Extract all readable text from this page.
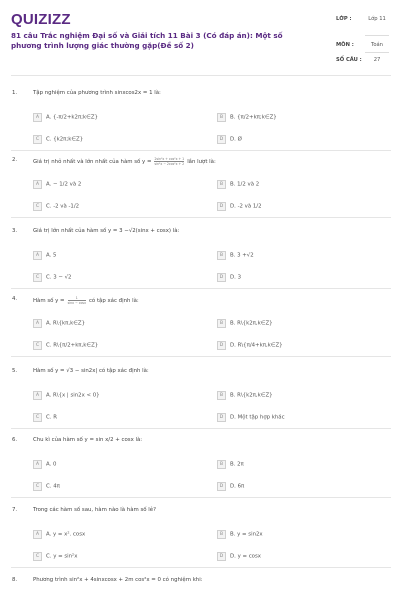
QUIZIZZ
81 câu Trắc nghiệm Đại số và Giải tích 11 Bài 3 (Có đáp án): Một số phương trình lượng giác thường gặp(Đề số 2)
LỚP :	Lớp 11
MÔN :	Toán
SỐ CÂU :	27
1.	Tập nghiệm của phương trình sinxcos2x = 1 là:
A A. {-π/2+k2π;k∈Z}	B B. {π/2+kπ;k∈Z}
C C. {k2π;k∈Z}	D D. Ø
2.	Giá trị nhỏ nhất và lớn nhất của hàm số $y = \frac{\text{2sin²x + cos²x + 1}}{\text{sin²x − 2cos²x + 2}}$ lần lượt là:
A A. − 1/2 và 2	B B. 1/2 và 2
C C. -2 và -1/2	D D. -2 và 1/2
3.	Giá trị lớn nhất của hàm số y = 3 −√2(sinx + cosx) là:
A A. 5	B B. 3 +√2
C C. 3 − √2	D D. 3
4.	Hàm số $y = \frac{1}{\sin x - \cos x}$ có tập xác định là:
A A. R\{kπ,k∈Z}	B B. R\{k2π,k∈Z}
C C. R\{π/2+kπ,k∈Z}	D D. R\{π/4+kπ,k∈Z}
5.	Hàm số y = √3 − sin2x| có tập xác định là:
A A. R\{x | sin2x < 0}	B B. R\{k2π,k∈Z}
C C. R	D D. Một tập hợp khác
6.	Chu kì của hàm số y = sin x/2 + cosx là:
A A. 0	B B. 2π
C C. 4π	D D. 6π
7.	Trong các hàm số sau, hàm nào là hàm số lẻ?
A A. y = x². cosx	B B. y = sin2x
C C. y = sin²x	D D. y = cosx
8.	Phương trình sin²x + 4sinxcosx + 2m cos²x = 0 có nghiệm khi:
